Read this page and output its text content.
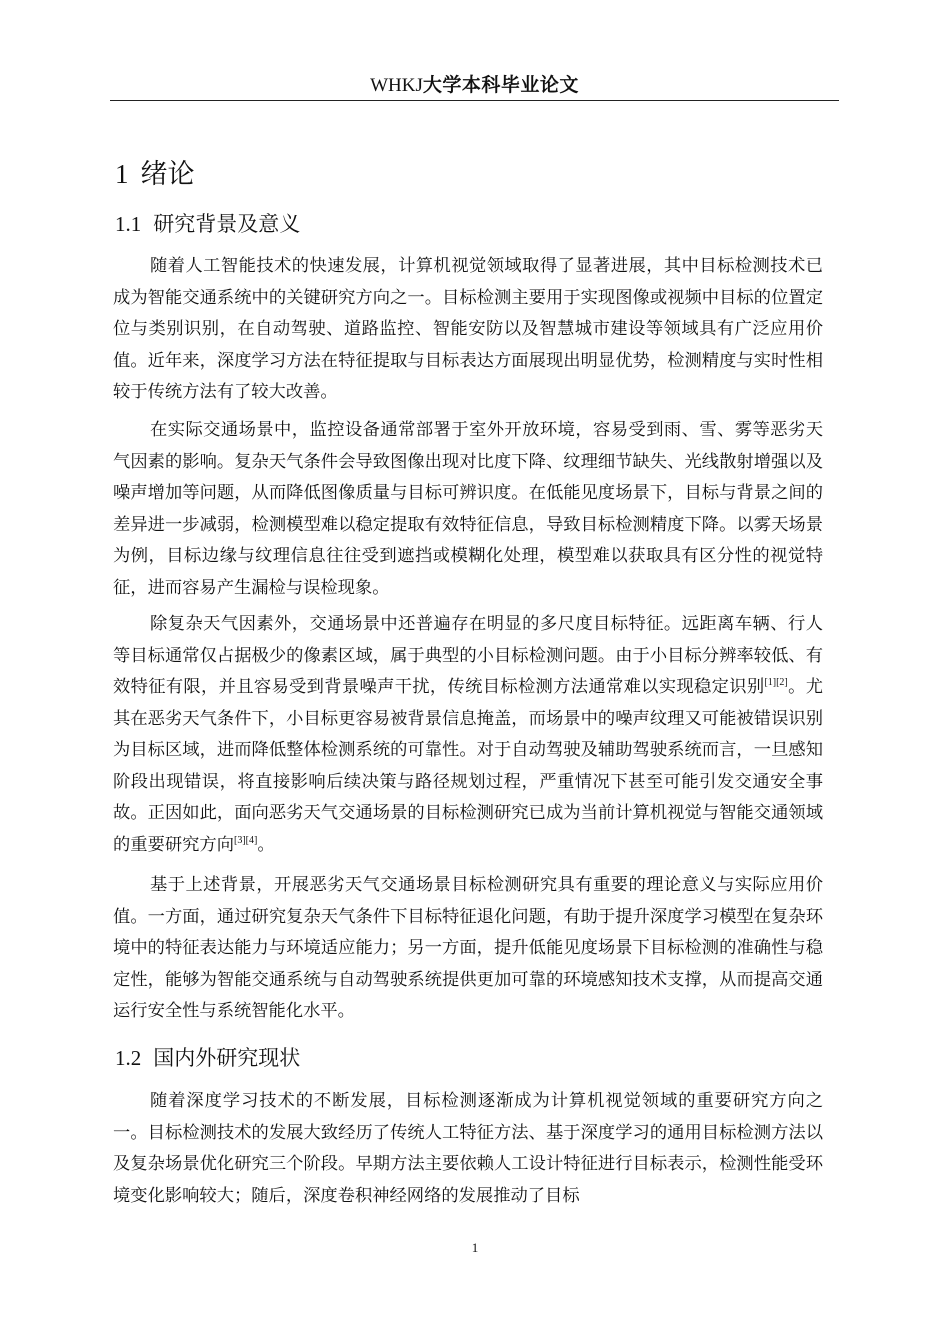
WHKJ大学本科毕业论文
1 绪论
1.1 研究背景及意义

随着人工智能技术的快速发展，计算机视觉领域取得了显著进展，其中目标检测技术已成为智能交通系统中的关键研究方向之一。目标检测主要用于实现图像或视频中目标的位置定位与类别识别，在自动驾驶、道路监控、智能安防以及智慧城市建设等领域具有广泛应用价值。近年来，深度学习方法在特征提取与目标表达方面展现出明显优势，检测精度与实时性相较于传统方法有了较大改善。

在实际交通场景中，监控设备通常部署于室外开放环境，容易受到雨、雪、雾等恶劣天气因素的影响。复杂天气条件会导致图像出现对比度下降、纹理细节缺失、光线散射增强以及噪声增加等问题，从而降低图像质量与目标可辨识度。在低能见度场景下，目标与背景之间的差异进一步减弱，检测模型难以稳定提取有效特征信息，导致目标检测精度下降。以雾天场景为例，目标边缘与纹理信息往往受到遮挡或模糊化处理，模型难以获取具有区分性的视觉特征，进而容易产生漏检与误检现象。

除复杂天气因素外，交通场景中还普遍存在明显的多尺度目标特征。远距离车辆、行人等目标通常仅占据极少的像素区域，属于典型的小目标检测问题。由于小目标分辨率较低、有效特征有限，并且容易受到背景噪声干扰，传统目标检测方法通常难以实现稳定识别[1][2]。尤其在恶劣天气条件下，小目标更容易被背景信息掩盖，而场景中的噪声纹理又可能被错误识别为目标区域，进而降低整体检测系统的可靠性。对于自动驾驶及辅助驾驶系统而言，一旦感知阶段出现错误，将直接影响后续决策与路径规划过程，严重情况下甚至可能引发交通安全事故。正因如此，面向恶劣天气交通场景的目标检测研究已成为当前计算机视觉与智能交通领域的重要研究方向[3][4]。

基于上述背景，开展恶劣天气交通场景目标检测研究具有重要的理论意义与实际应用价值。一方面，通过研究复杂天气条件下目标特征退化问题，有助于提升深度学习模型在复杂环境中的特征表达能力与环境适应能力；另一方面，提升低能见度场景下目标检测的准确性与稳定性，能够为智能交通系统与自动驾驶系统提供更加可靠的环境感知技术支撑，从而提高交通运行安全性与系统智能化水平。

1.2 国内外研究现状

随着深度学习技术的不断发展，目标检测逐渐成为计算机视觉领域的重要研究方向之一。目标检测技术的发展大致经历了传统人工特征方法、基于深度学习的通用目标检测方法以及复杂场景优化研究三个阶段。早期方法主要依赖人工设计特征进行目标表示，检测性能受环境变化影响较大；随后，深度卷积神经网络的发展推动了目标

1
